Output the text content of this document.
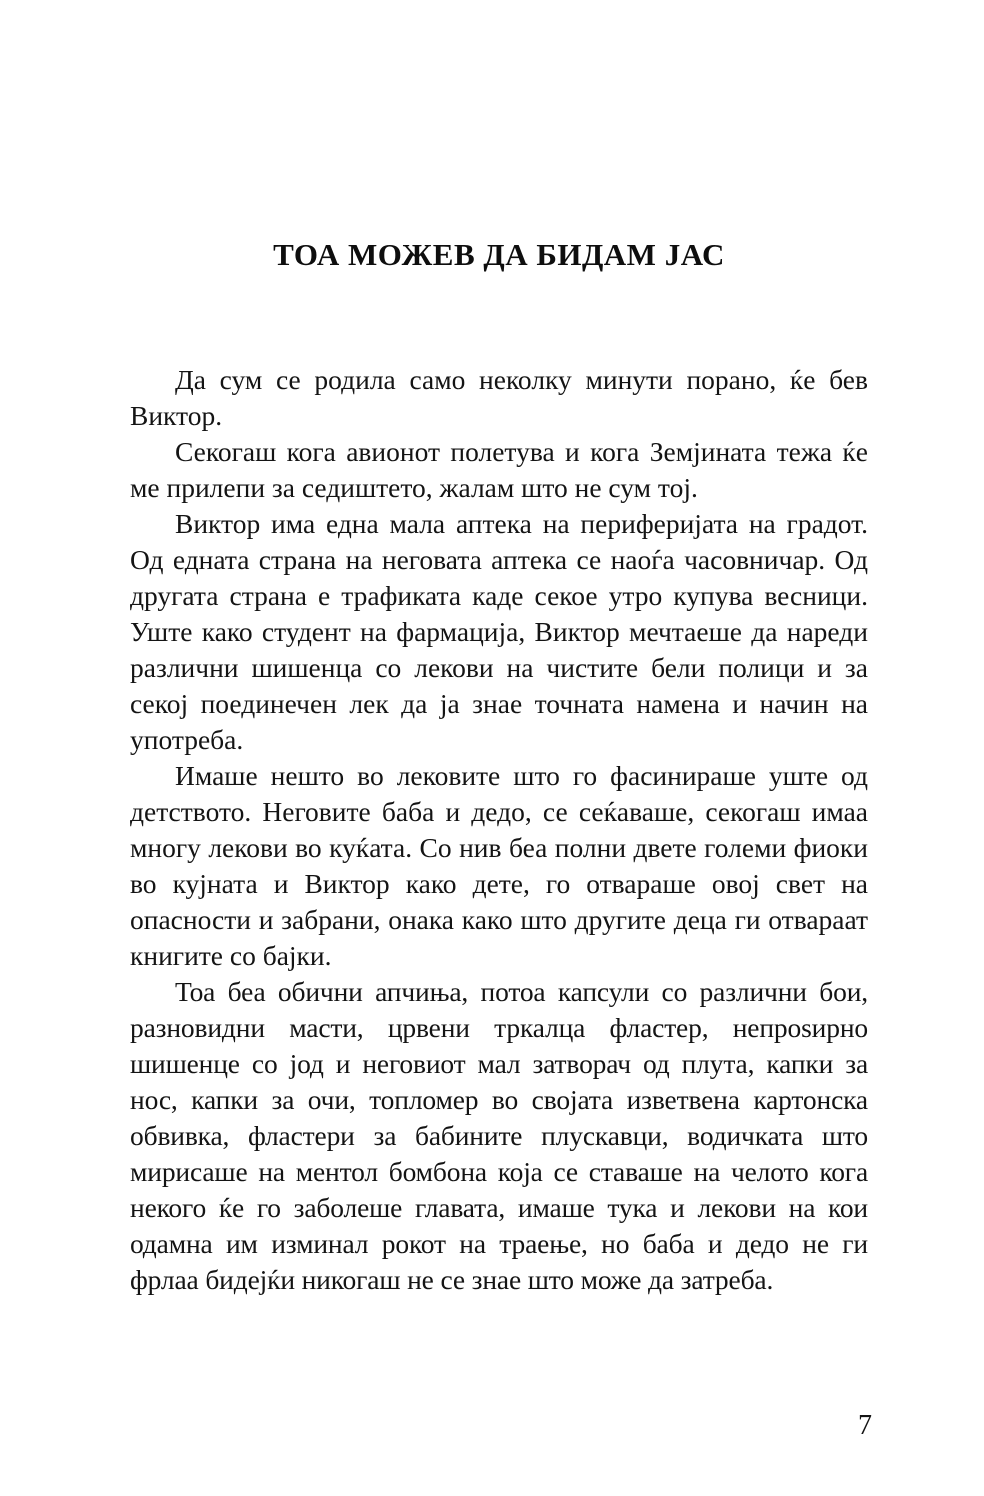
ТОА МОЖЕВ ДА БИДАМ ЈАС

Да сум се родила само неколку минути порано, ќе бев Виктор.

Секогаш кога авионот полетува и кога Земјината тежа ќе ме прилепи за седиштето, жалам што не сум тој.

Виктор има една мала аптека на периферијата на градот. Од едната страна на неговата аптека се наоѓа часовничар. Од другата страна е трафиката каде секое утро купува весници. Уште како студент на фармација, Виктор мечтаеше да нареди различни шишенца со лекови на чистите бели полици и за секој поединечен лек да ја знае точната намена и начин на употреба.

Имаше нешто во лековите што го фасинираше уште од детството. Неговите баба и дедо, се сеќаваше, секогаш имаа многу лекови во куќата. Со нив беа полни двете големи фиоки во кујната и Виктор како дете, го отвараше овој свет на опасности и забрани, онака како што другите деца ги отвараат книгите со бајки.

Тоа беа обични апчиња, потоа капсули со различни бои, разновидни масти, црвени тркалца фластер, непроѕирно шишенце со јод и неговиот мал затворач од плута, капки за нос, капки за очи, топломер во својата изветвена картонска обвивка, фластери за бабините плускавци, водичката што мирисаше на ментол бомбона која се ставаше на челото кога некого ќе го заболеше главата, имаше тука и лекови на кои одамна им изминал рокот на траење, но баба и дедо не ги фрлаа бидејќи никогаш не се знае што може да затреба.

7
